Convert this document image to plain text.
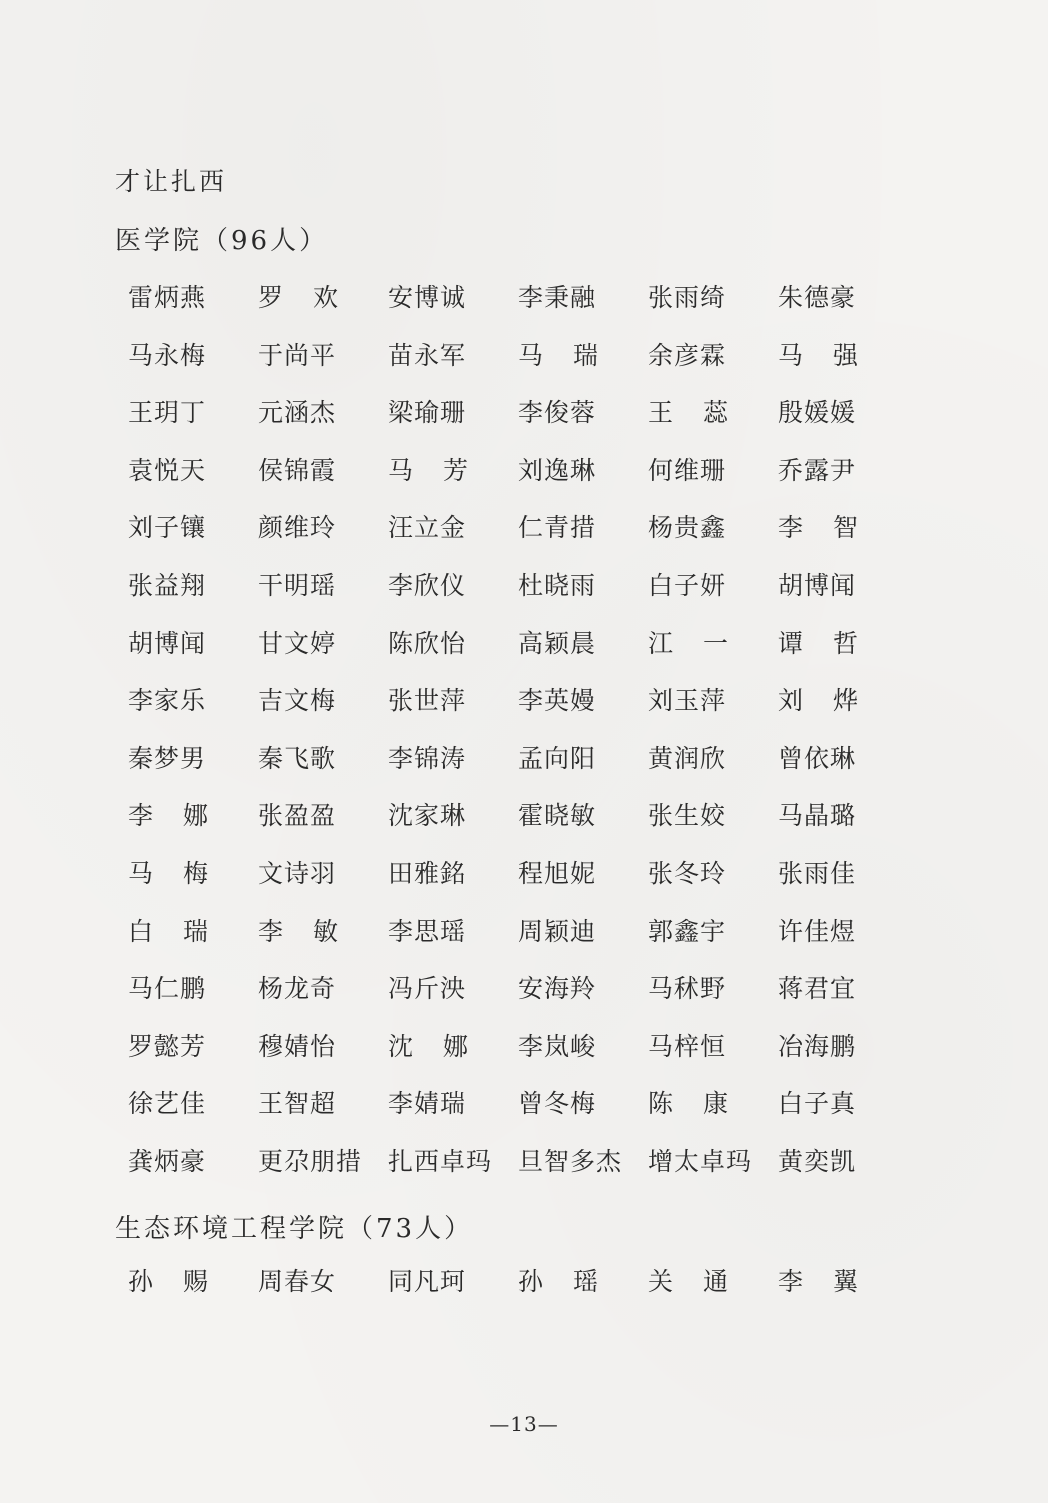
才让扎西
医学院（96人）
雷炳燕	罗 欢	安博诚	李秉融	张雨绮	朱德豪
马永梅	于尚平	苗永军	马 瑞	余彦霖	马 强
王玥丁	元涵杰	梁瑜珊	李俊蓉	王 蕊	殷媛媛
袁悦天	侯锦霞	马 芳	刘逸琳	何维珊	乔露尹
刘子镶	颜维玲	汪立金	仁青措	杨贵鑫	李 智
张益翔	干明瑶	李欣仪	杜晓雨	白子妍	胡博闻
胡博闻	甘文婷	陈欣怡	高颖晨	江 一	谭 哲
李家乐	吉文梅	张世萍	李英嫚	刘玉萍	刘 烨
秦梦男	秦飞歌	李锦涛	孟向阳	黄润欣	曾依琳
李 娜	张盈盈	沈家琳	霍晓敏	张生姣	马晶璐
马 梅	文诗羽	田雅銘	程旭妮	张冬玲	张雨佳
白 瑞	李 敏	李思瑶	周颖迪	郭鑫宇	许佳煜
马仁鹏	杨龙奇	冯斤泱	安海羚	马秫野	蒋君宜
罗懿芳	穆婧怡	沈 娜	李岚峻	马梓恒	冶海鹏
徐艺佳	王智超	李婧瑞	曾冬梅	陈 康	白子真
龚炳豪	更尕朋措	扎西卓玛	旦智多杰	增太卓玛	黄奕凯
生态环境工程学院（73人）
孙 赐	周春女	同凡珂	孙 瑶	关 通	李 翼
—13—
